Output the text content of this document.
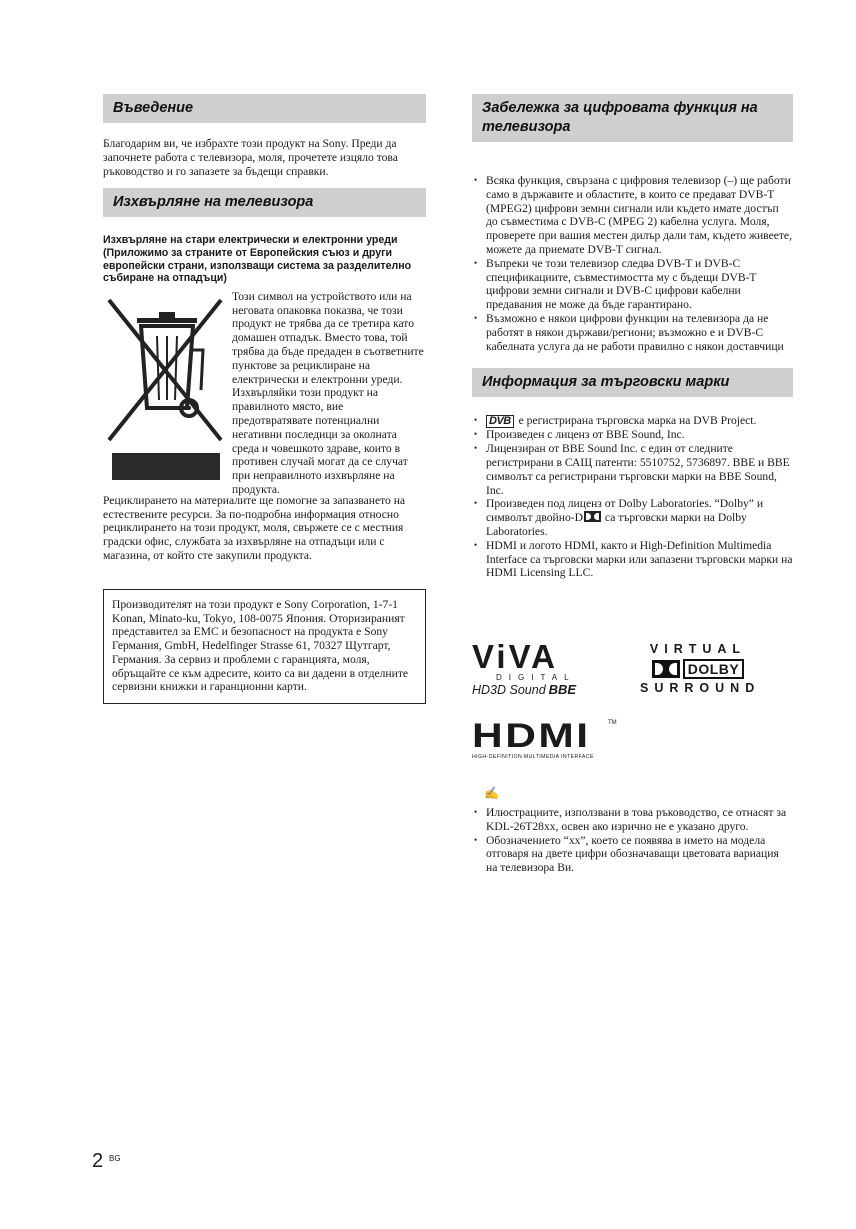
Въведение

Благодарим ви, че избрахте този продукт на Sony. Преди да започнете работа с телевизора, моля, прочетете изцяло това ръководство и го запазете за бъдещи справки.

Изхвърляне на телевизора

Изхвърляне на стари електрически и електронни уреди (Приложимо за страните от Европейския съюз и други европейски страни, използващи система за разделително събиране на отпадъци)

Този символ на устройството или на неговата опаковка показва, че този продукт не трябва да се третира като домашен отпадък. Вместо това, той трябва да бъде предаден в съответните пунктове за рециклиране на електрически и електронни уреди. Изхвърляйки този продукт на правилното място, вие предотвратявате потенциални негативни последици за околната среда и човешкото здраве, които в противен случай могат да се случат при неправилното изхвърляне на продукта.

Рециклирането на материалите ще помогне за запазването на естествените ресурси. За по-подробна информация относно рециклирането на този продукт, моля, свържете се с местния градски офис, службата за изхвърляне на отпадъци или с магазина, от който сте закупили продукта.

Производителят на този продукт е Sony Corporation, 1-7-1 Konan, Minato-ku, Tokyo, 108-0075 Япония. Оторизираният представител за EMC и безопасност на продукта е Sony Германия, GmbH, Hedelfinger Strasse 61, 70327 Щутгарт, Германия. За сервиз и проблеми с гаранцията, моля, обръщайте се към адресите, които са ви дадени в отделните сервизни книжки и гаранционни карти.

Забележка за цифровата функция на телевизора
• Всяка функция, свързана с цифровия телевизор (–) ще работи само в държавите и областите, в които се предават DVB-T (MPEG2) цифрови земни сигнали или където имате достъп до съвместима с DVB-C (MPEG 2) кабелна услуга. Моля, проверете при вашия местен дилър дали там, където живеете, можете да приемате DVB-T сигнал.
• Въпреки че този телевизор следва DVB-T и DVB-C спецификациите, съвместимостта му с бъдещи DVB-T цифрови земни сигнали и DVB-C цифрови кабелни предавания не може да бъде гарантирано.
• Възможно е някои цифрови функции на телевизора да не работят в някои държави/региони; възможно е и DVB-C кабелната услуга да не работи правилно с някои доставчици
Информация за търговски марки
• DVB е регистрирана търговска марка на DVB Project.
• Произведен с лиценз от BBE Sound, Inc.
• Лицензиран от BBE Sound Inc. с един от следните регистрирани в САЩ патенти: 5510752, 5736897. BBE и BBE символът са регистрирани търговски марки на BBE Sound, Inc.
• Произведен под лиценз от Dolby Laboratories. “Dolby” и символът двойно-D са търговски марки на Dolby Laboratories.
• HDMI и логото HDMI, както и High-Definition Multimedia Interface са търговски марки или запазени търговски марки на HDMI Licensing LLC.
ViVA
DIGITAL
HD3D Sound BBE
VIRTUAL
DOLBY
SURROUND
HDMI	TM
HIGH-DEFINITION MULTIMEDIA INTERFACE
✍
• Илюстрациите, използвани в това ръководство, се отнасят за KDL-26T28xx, освен ако изрично не е указано друго.
• Обозначението “xx”, което се появява в името на модела отговаря на двете цифри обозначаващи цветовата вариация на телевизора Ви.
2 BG
